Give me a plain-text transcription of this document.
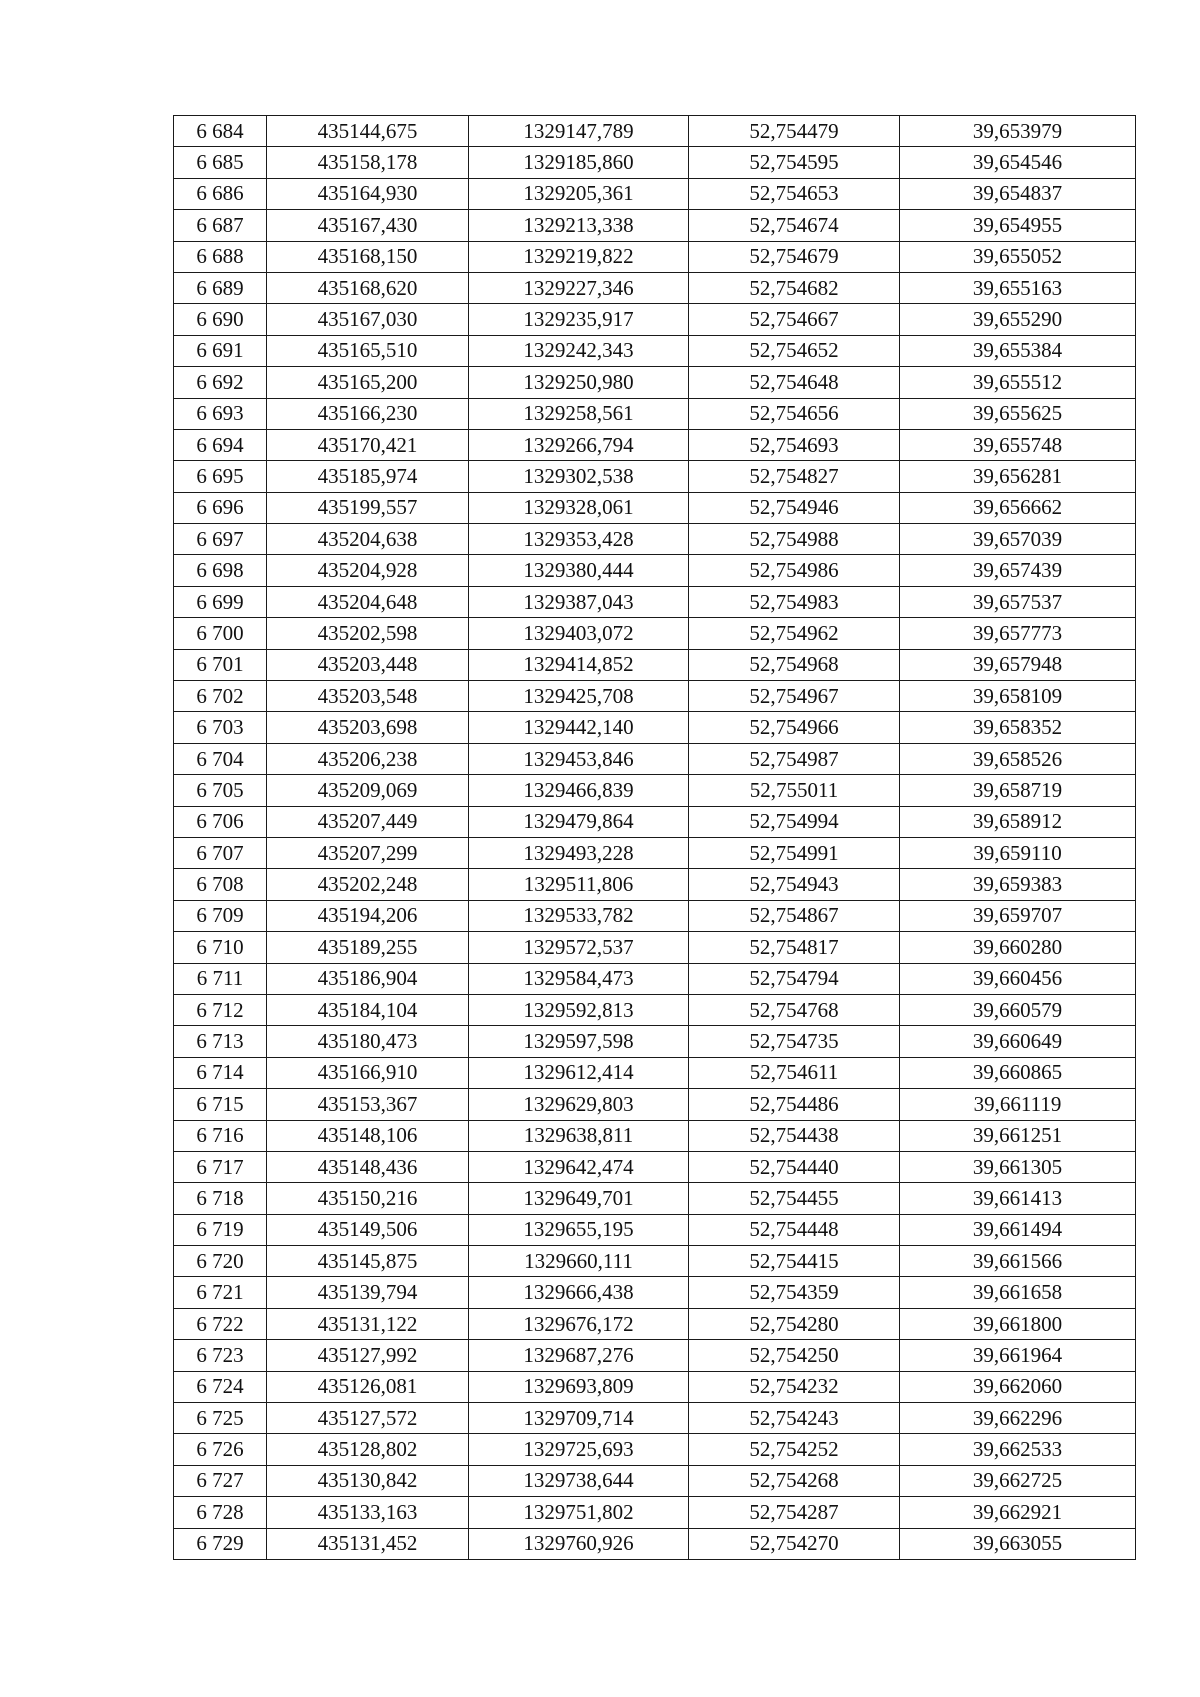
6 684	435144,675	1329147,789	52,754479	39,653979
6 685	435158,178	1329185,860	52,754595	39,654546
6 686	435164,930	1329205,361	52,754653	39,654837
6 687	435167,430	1329213,338	52,754674	39,654955
6 688	435168,150	1329219,822	52,754679	39,655052
6 689	435168,620	1329227,346	52,754682	39,655163
6 690	435167,030	1329235,917	52,754667	39,655290
6 691	435165,510	1329242,343	52,754652	39,655384
6 692	435165,200	1329250,980	52,754648	39,655512
6 693	435166,230	1329258,561	52,754656	39,655625
6 694	435170,421	1329266,794	52,754693	39,655748
6 695	435185,974	1329302,538	52,754827	39,656281
6 696	435199,557	1329328,061	52,754946	39,656662
6 697	435204,638	1329353,428	52,754988	39,657039
6 698	435204,928	1329380,444	52,754986	39,657439
6 699	435204,648	1329387,043	52,754983	39,657537
6 700	435202,598	1329403,072	52,754962	39,657773
6 701	435203,448	1329414,852	52,754968	39,657948
6 702	435203,548	1329425,708	52,754967	39,658109
6 703	435203,698	1329442,140	52,754966	39,658352
6 704	435206,238	1329453,846	52,754987	39,658526
6 705	435209,069	1329466,839	52,755011	39,658719
6 706	435207,449	1329479,864	52,754994	39,658912
6 707	435207,299	1329493,228	52,754991	39,659110
6 708	435202,248	1329511,806	52,754943	39,659383
6 709	435194,206	1329533,782	52,754867	39,659707
6 710	435189,255	1329572,537	52,754817	39,660280
6 711	435186,904	1329584,473	52,754794	39,660456
6 712	435184,104	1329592,813	52,754768	39,660579
6 713	435180,473	1329597,598	52,754735	39,660649
6 714	435166,910	1329612,414	52,754611	39,660865
6 715	435153,367	1329629,803	52,754486	39,661119
6 716	435148,106	1329638,811	52,754438	39,661251
6 717	435148,436	1329642,474	52,754440	39,661305
6 718	435150,216	1329649,701	52,754455	39,661413
6 719	435149,506	1329655,195	52,754448	39,661494
6 720	435145,875	1329660,111	52,754415	39,661566
6 721	435139,794	1329666,438	52,754359	39,661658
6 722	435131,122	1329676,172	52,754280	39,661800
6 723	435127,992	1329687,276	52,754250	39,661964
6 724	435126,081	1329693,809	52,754232	39,662060
6 725	435127,572	1329709,714	52,754243	39,662296
6 726	435128,802	1329725,693	52,754252	39,662533
6 727	435130,842	1329738,644	52,754268	39,662725
6 728	435133,163	1329751,802	52,754287	39,662921
6 729	435131,452	1329760,926	52,754270	39,663055
